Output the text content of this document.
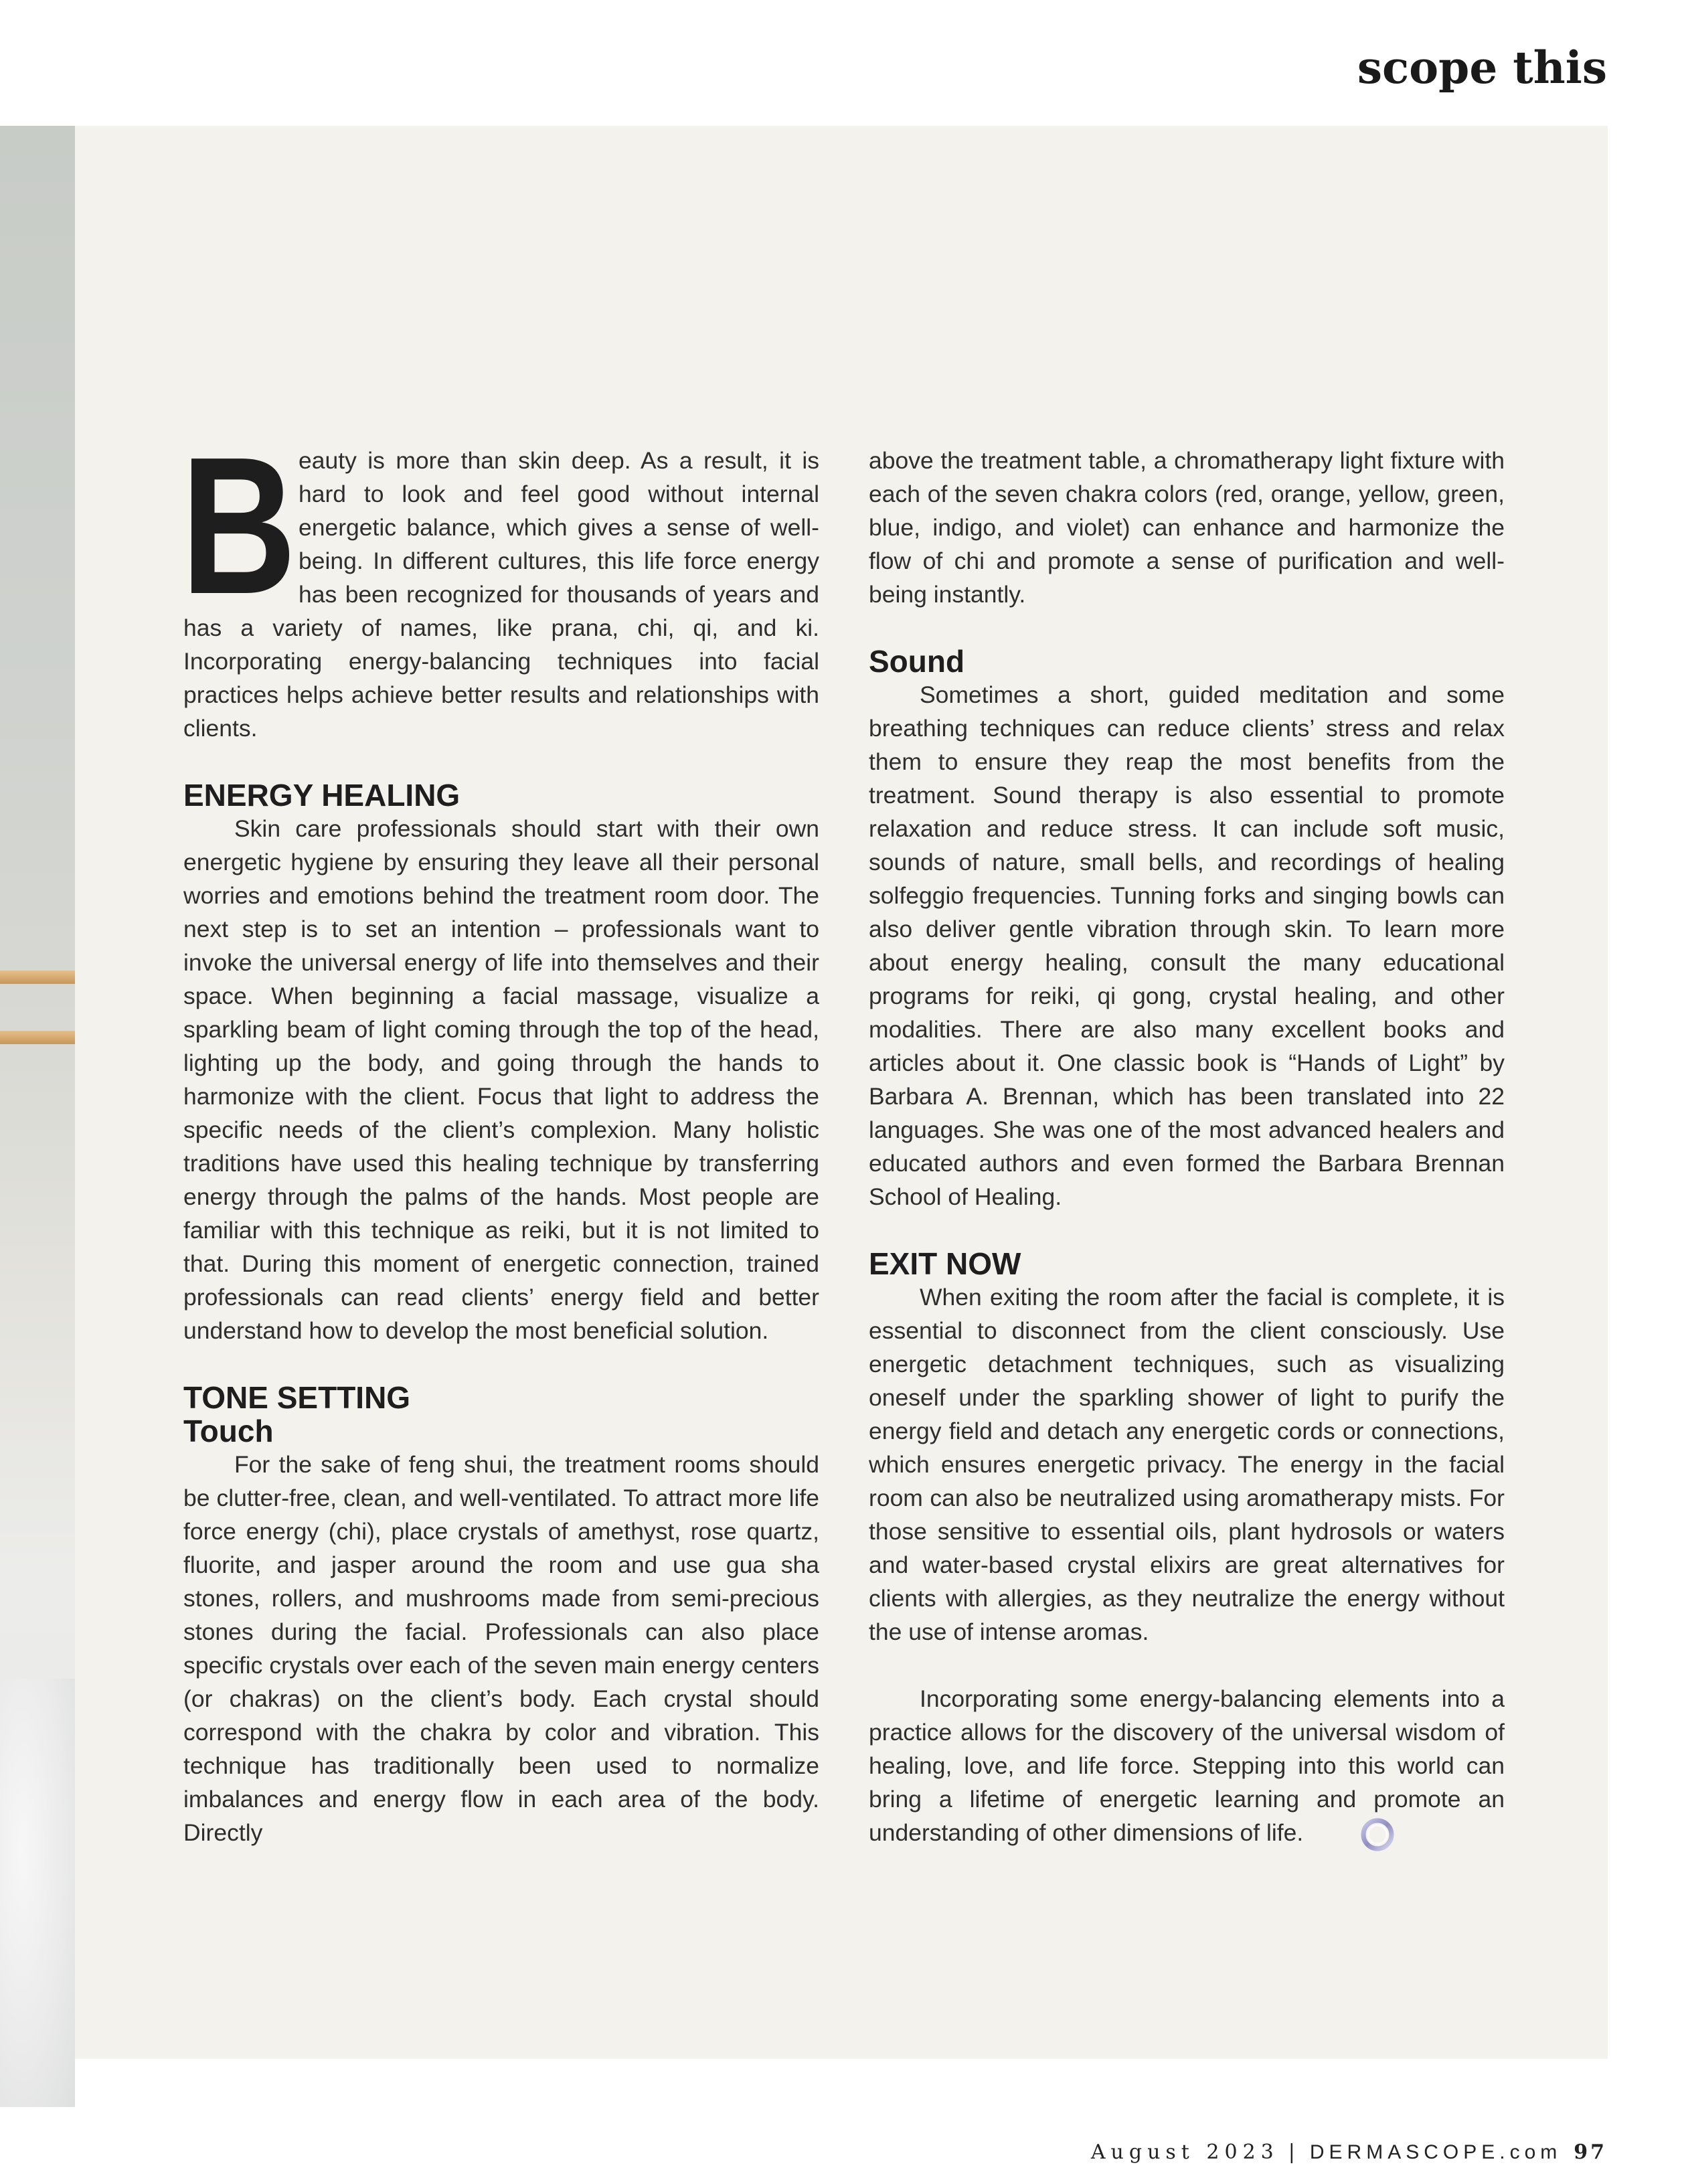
scope this

Beauty is more than skin deep. As a result, it is hard to look and feel good without internal energetic balance, which gives a sense of well-being. In different cultures, this life force energy has been recognized for thousands of years and has a variety of names, like prana, chi, qi, and ki. Incorporating energy-balancing techniques into facial practices helps achieve better results and relationships with clients.

ENERGY HEALING

Skin care professionals should start with their own energetic hygiene by ensuring they leave all their personal worries and emotions behind the treatment room door. The next step is to set an intention – professionals want to invoke the universal energy of life into themselves and their space. When beginning a facial massage, visualize a sparkling beam of light coming through the top of the head, lighting up the body, and going through the hands to harmonize with the client. Focus that light to address the specific needs of the client’s complexion. Many holistic traditions have used this healing technique by transferring energy through the palms of the hands. Most people are familiar with this technique as reiki, but it is not limited to that. During this moment of energetic connection, trained professionals can read clients’ energy field and better understand how to develop the most beneficial solution.

TONE SETTING
Touch

For the sake of feng shui, the treatment rooms should be clutter-free, clean, and well-ventilated. To attract more life force energy (chi), place crystals of amethyst, rose quartz, fluorite, and jasper around the room and use gua sha stones, rollers, and mushrooms made from semi-precious stones during the facial. Professionals can also place specific crystals over each of the seven main energy centers (or chakras) on the client’s body. Each crystal should correspond with the chakra by color and vibration. This technique has traditionally been used to normalize imbalances and energy flow in each area of the body. Directly

above the treatment table, a chromatherapy light fixture with each of the seven chakra colors (red, orange, yellow, green, blue, indigo, and violet) can enhance and harmonize the flow of chi and promote a sense of purification and well-being instantly.

Sound

Sometimes a short, guided meditation and some breathing techniques can reduce clients’ stress and relax them to ensure they reap the most benefits from the treatment. Sound therapy is also essential to promote relaxation and reduce stress. It can include soft music, sounds of nature, small bells, and recordings of healing solfeggio frequencies. Tunning forks and singing bowls can also deliver gentle vibration through skin. To learn more about energy healing, consult the many educational programs for reiki, qi gong, crystal healing, and other modalities. There are also many excellent books and articles about it. One classic book is “Hands of Light” by Barbara A. Brennan, which has been translated into 22 languages. She was one of the most advanced healers and educated authors and even formed the Barbara Brennan School of Healing.

EXIT NOW

When exiting the room after the facial is complete, it is essential to disconnect from the client consciously. Use energetic detachment techniques, such as visualizing oneself under the sparkling shower of light to purify the energy field and detach any energetic cords or connections, which ensures energetic privacy. The energy in the facial room can also be neutralized using aromatherapy mists. For those sensitive to essential oils, plant hydrosols or waters and water-based crystal elixirs are great alternatives for clients with allergies, as they neutralize the energy without the use of intense aromas.

Incorporating some energy-balancing elements into a practice allows for the discovery of the universal wisdom of healing, love, and life force. Stepping into this world can bring a lifetime of energetic learning and promote an understanding of other dimensions of life.

August 2023 | DERMASCOPE.com 97
